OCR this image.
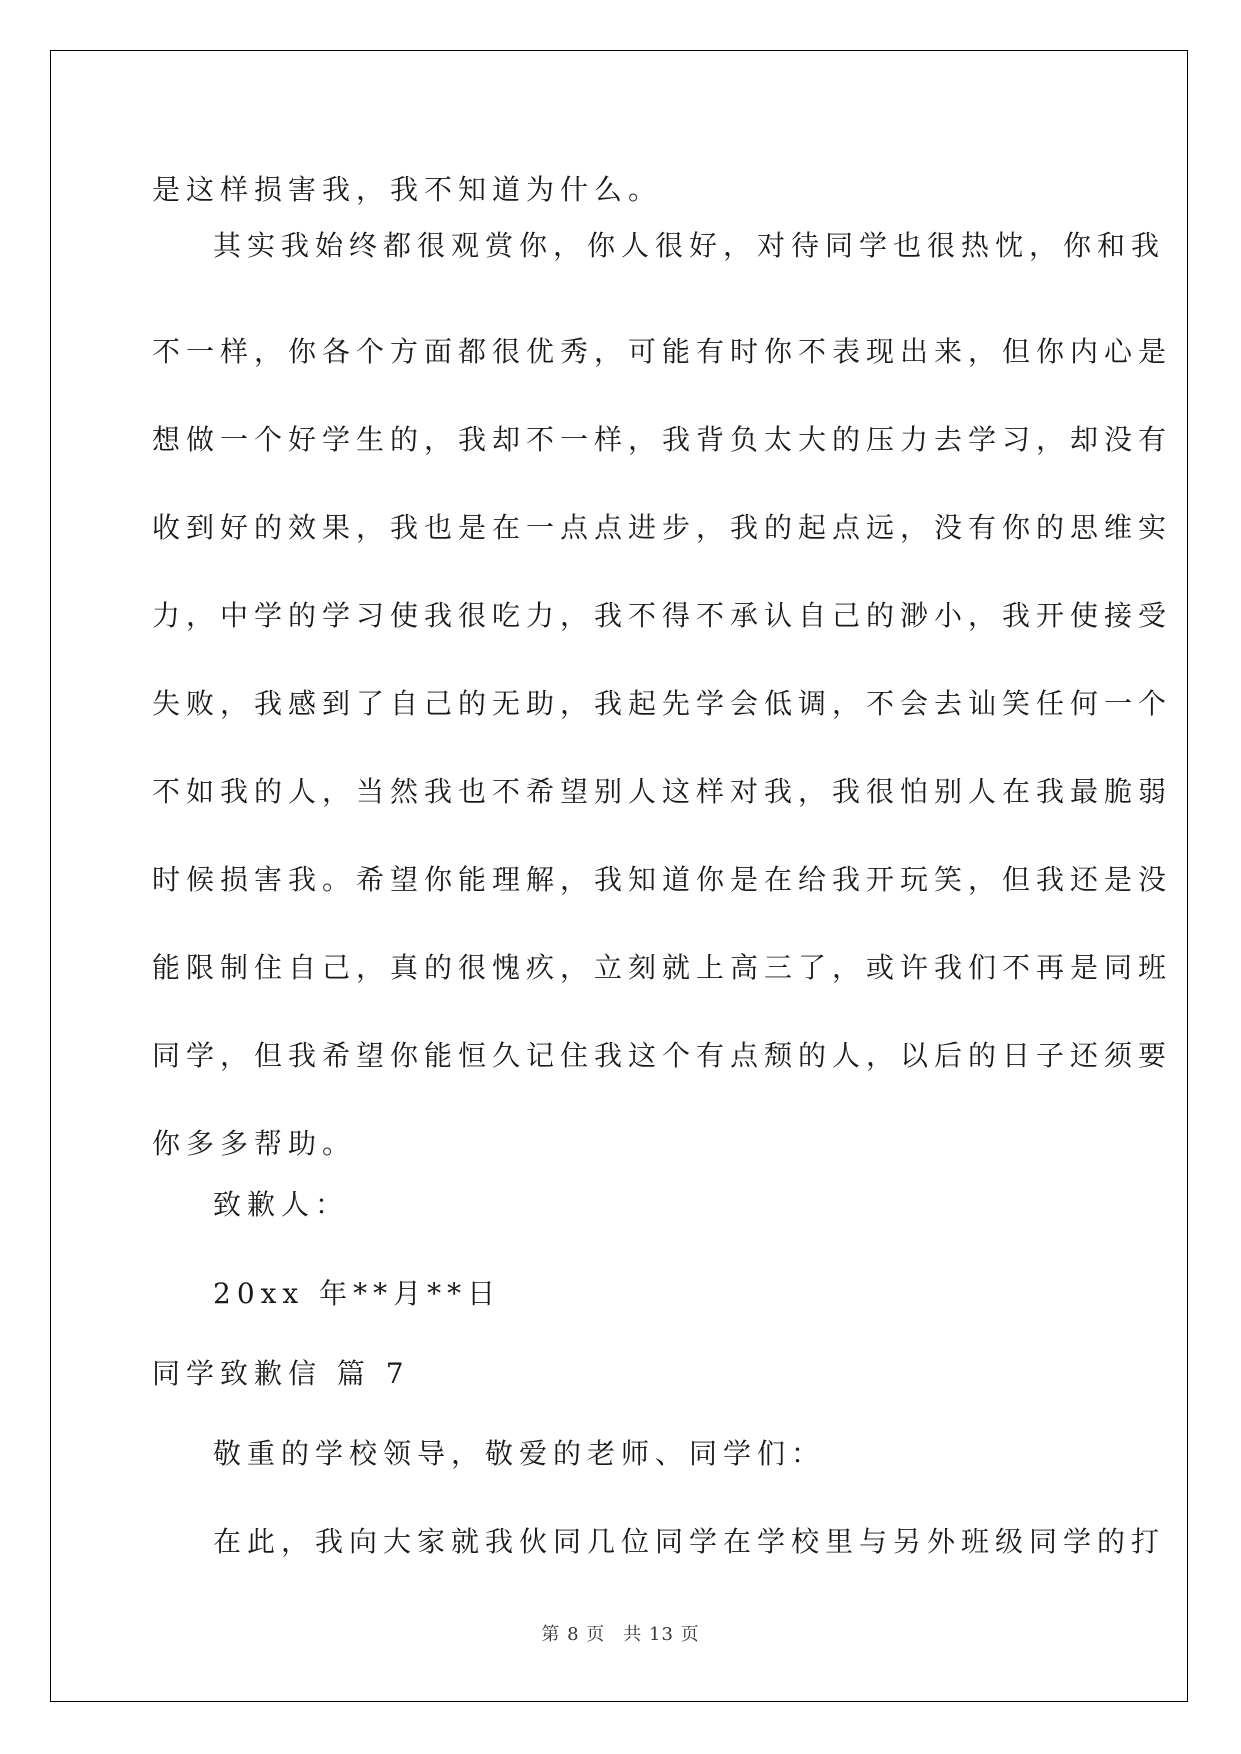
是这样损害我，我不知道为什么。
其实我始终都很观赏你，你人很好，对待同学也很热忱，你和我
不一样，你各个方面都很优秀，可能有时你不表现出来，但你内心是
想做一个好学生的，我却不一样，我背负太大的压力去学习，却没有
收到好的效果，我也是在一点点进步，我的起点远，没有你的思维实
力，中学的学习使我很吃力，我不得不承认自己的渺小，我开使接受
失败，我感到了自己的无助，我起先学会低调，不会去讪笑任何一个
不如我的人，当然我也不希望别人这样对我，我很怕别人在我最脆弱
时候损害我。希望你能理解，我知道你是在给我开玩笑，但我还是没
能限制住自己，真的很愧疚，立刻就上高三了，或许我们不再是同班
同学，但我希望你能恒久记住我这个有点颓的人，以后的日子还须要
你多多帮助。
致歉人：
20xx 年**月**日
同学致歉信 篇 7
敬重的学校领导，敬爱的老师、同学们：
在此，我向大家就我伙同几位同学在学校里与另外班级同学的打
第 8 页 共 13 页
